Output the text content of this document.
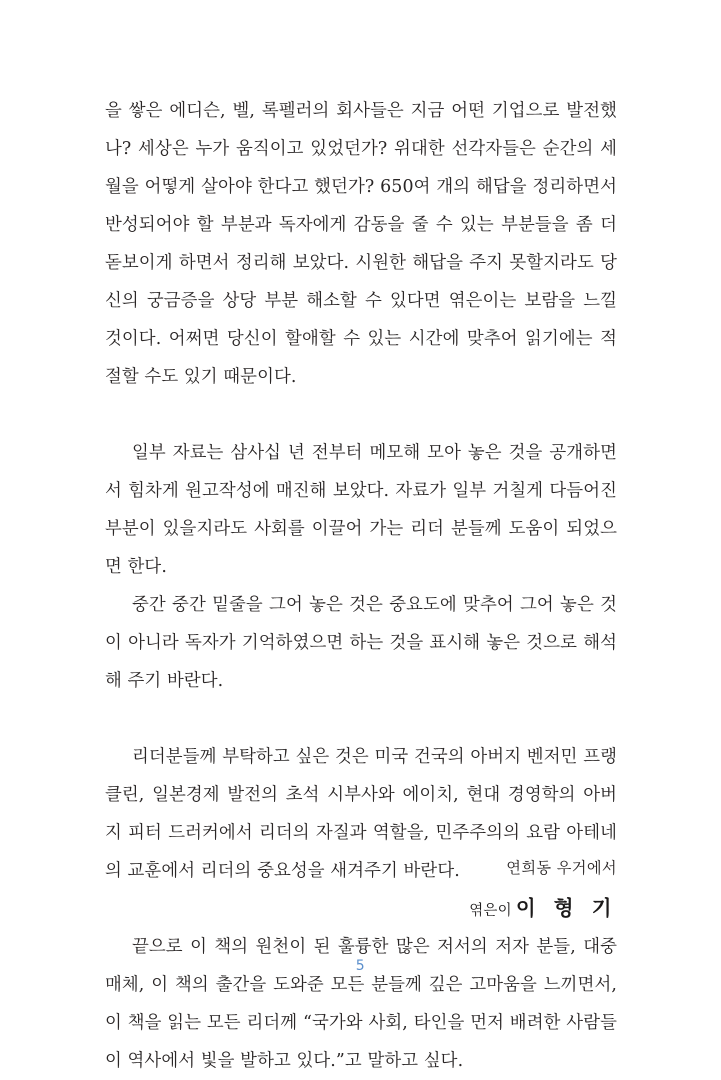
을 쌓은 에디슨, 벨, 록펠러의 회사들은 지금 어떤 기업으로 발전했나? 세상은 누가 움직이고 있었던가? 위대한 선각자들은 순간의 세월을 어떻게 살아야 한다고 했던가? 650여 개의 해답을 정리하면서 반성되어야 할 부분과 독자에게 감동을 줄 수 있는 부분들을 좀 더 돋보이게 하면서 정리해 보았다. 시원한 해답을 주지 못할지라도 당신의 궁금증을 상당 부분 해소할 수 있다면 엮은이는 보람을 느낄 것이다. 어쩌면 당신이 할애할 수 있는 시간에 맞추어 읽기에는 적절할 수도 있기 때문이다.

일부 자료는 삼사십 년 전부터 메모해 모아 놓은 것을 공개하면서 힘차게 원고작성에 매진해 보았다. 자료가 일부 거칠게 다듬어진 부분이 있을지라도 사회를 이끌어 가는 리더 분들께 도움이 되었으면 한다.

중간 중간 밑줄을 그어 놓은 것은 중요도에 맞추어 그어 놓은 것이 아니라 독자가 기억하였으면 하는 것을 표시해 놓은 것으로 해석해 주기 바란다.

리더분들께 부탁하고 싶은 것은 미국 건국의 아버지 벤저민 프랭클린, 일본경제 발전의 초석 시부사와 에이치, 현대 경영학의 아버지 피터 드러커에서 리더의 자질과 역할을, 민주주의의 요람 아테네의 교훈에서 리더의 중요성을 새겨주기 바란다.

끝으로 이 책의 원천이 된 훌륭한 많은 저서의 저자 분들, 대중 매체, 이 책의 출간을 도와준 모든 분들께 깊은 고마움을 느끼면서, 이 책을 읽는 모든 리더께 “국가와 사회, 타인을 먼저 배려한 사람들이 역사에서 빛을 발하고 있다.”고 말하고 싶다.

연희동 우거에서
엮은이 이 형 기
5
